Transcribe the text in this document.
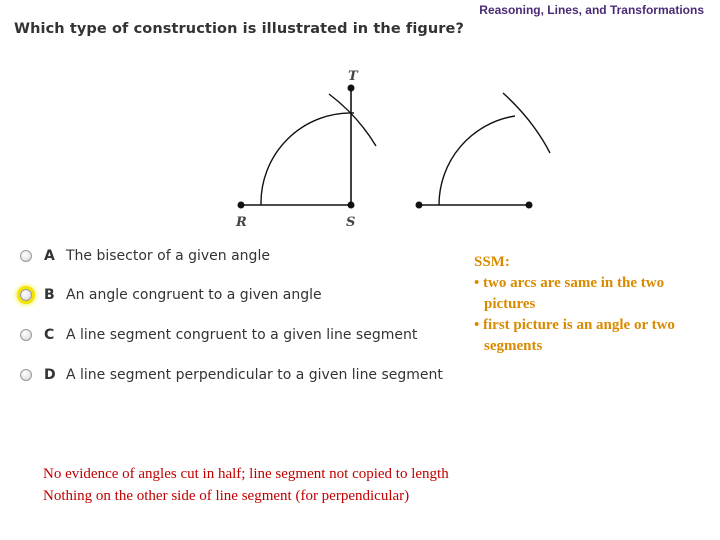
Reasoning, Lines, and Transformations
Which type of construction is illustrated in the figure?
T
R	S
A The bisector of a given angle
B An angle congruent to a given angle
C A line segment congruent to a given line segment
D A line segment perpendicular to a given line segment
SSM:
• two arcs are same in the two pictures
• first picture is an angle or two segments
No evidence of angles cut in half; line segment not copied to length
Nothing on the other side of line segment (for perpendicular)
